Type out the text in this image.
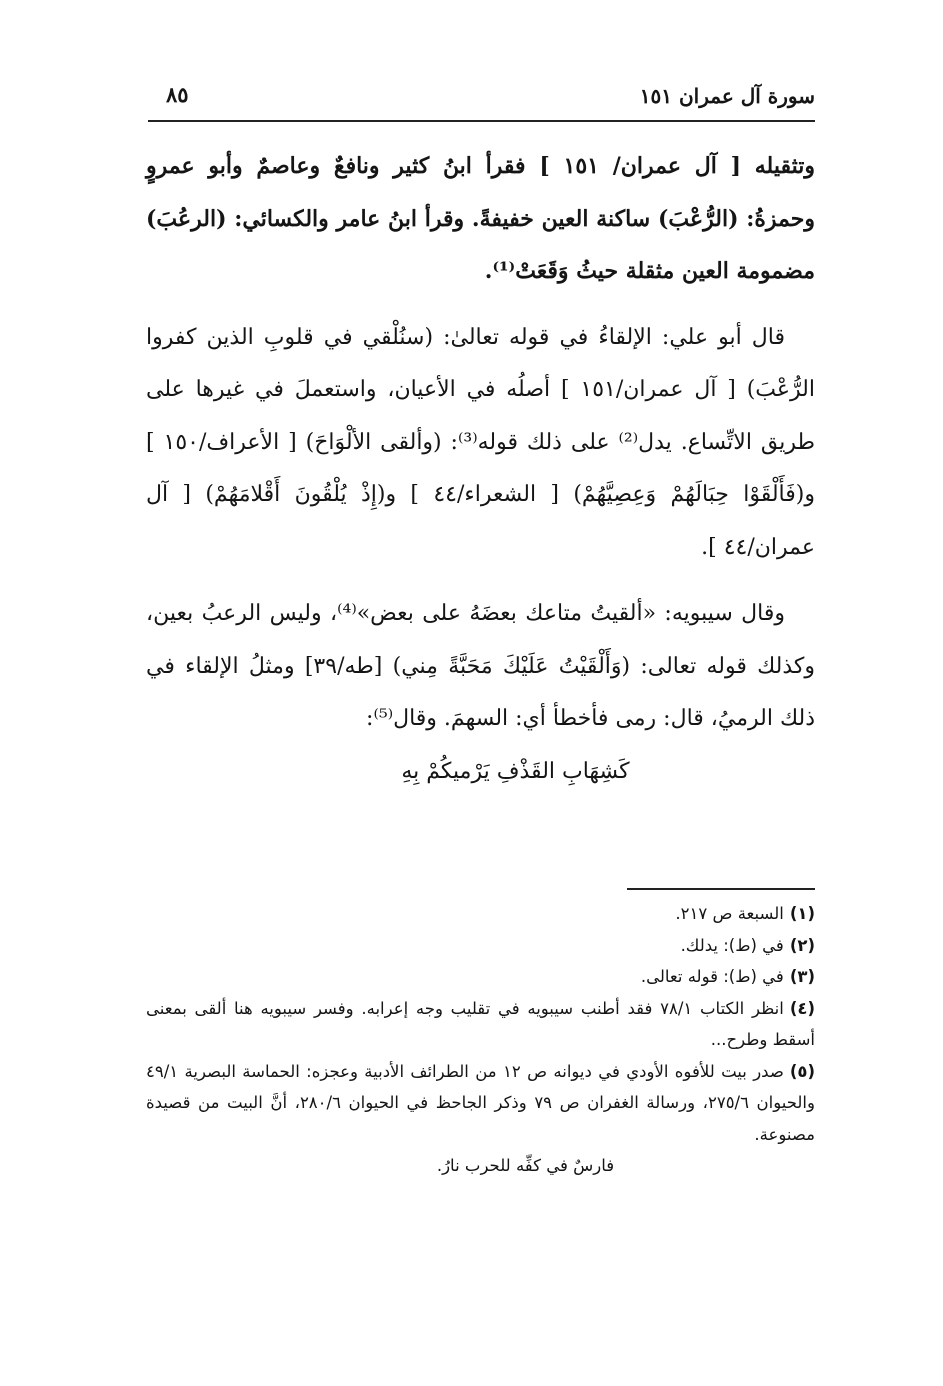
سورة آل عمران ١٥١
٨٥

وتثقيله [ آل عمران/ ١٥١ ] فقرأ ابنُ كثير ونافعٌ وعاصمٌ وأبو عمروٍ وحمزةُ: (الرُّعْبَ) ساكنة العين خفيفةً. وقرأ ابنُ عامر والكسائي: (الرعُبَ) مضمومة العين مثقلة حيثُ وَقَعَتْ⁽¹⁾.

قال أبو علي: الإلقاءُ في قوله تعالىٰ: (سنُلْقي في قلوبِ الذين كفروا الرُّعْبَ) [ آل عمران/١٥١ ] أصلُه في الأعيان، واستعملَ في غيرها على طريق الاتِّساع. يدل⁽²⁾ على ذلك قوله⁽³⁾: (وألقى الألْوَاحَ) [ الأعراف/١٥٠ ] و(فَأَلْقَوْا حِبَالَهُمْ وَعِصِيَّهُمْ) [ الشعراء/٤٤ ] و(إِذْ يُلْقُونَ أَقْلامَهُمْ) [ آل عمران/٤٤ ].

وقال سيبويه: «ألقيتُ متاعك بعضَهُ على بعض»⁽⁴⁾، وليس الرعبُ بعين، وكذلك قوله تعالى: (وَأَلْقَيْتُ عَلَيْكَ مَحَبَّةً مِني) [طه/٣٩] ومثلُ الإلقاء في ذلك الرميُ، قال: رمى فأخطأ أي: السهمَ. وقال⁽⁵⁾:

كَشِهَابِ القَذْفِ يَرْميكُمْ بِهِ

(١)السبعة ص ٢١٧.

(٢)في (ط): يدلك.

(٣)في (ط): قوله تعالى.

(٤)انظر الكتاب ٧٨/١ فقد أطنب سيبويه في تقليب وجه إعرابه. وفسر سيبويه هنا ألقى بمعنى أسقط وطرح...

(٥)صدر بيت للأفوه الأودي في ديوانه ص ١٢ من الطرائف الأدبية وعجزه: الحماسة البصرية ٤٩/١ والحيوان ٢٧٥/٦، ورسالة الغفران ص ٧٩ وذكر الجاحظ في الحيوان ٢٨٠/٦، أنَّ البيت من قصيدة مصنوعة.

فارسٌ في كفِّه للحرب نارُ.
